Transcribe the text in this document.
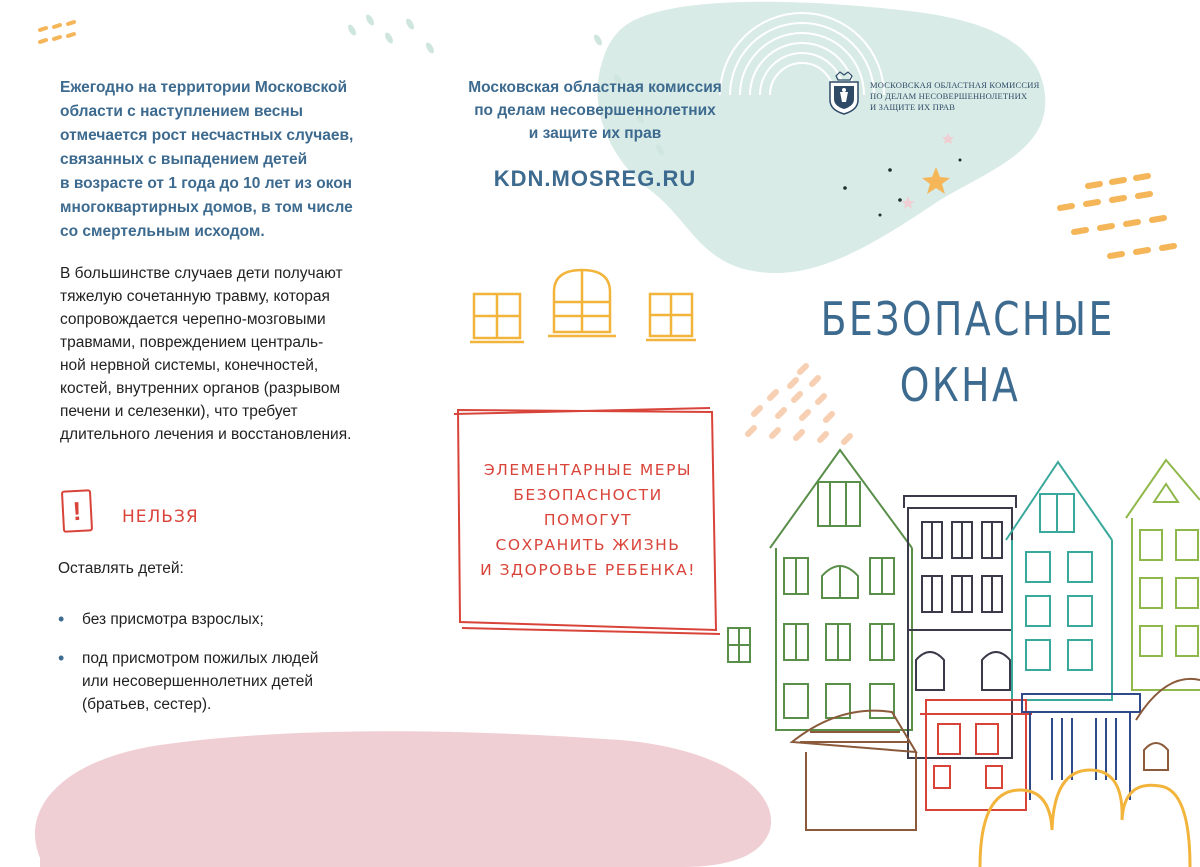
Ежегодно на территории Московской
области с наступлением весны
отмечается рост несчастных случаев,
связанных с выпадением детей
в возрасте от 1 года до 10 лет из окон
многоквартирных домов, в том числе
со смертельным исходом.

В большинстве случаев дети получают
тяжелую сочетанную травму, которая
сопровождается черепно-мозговыми
травмами, повреждением централь-
ной нервной системы, конечностей,
костей, внутренних органов (разрывом
печени и селезенки), что требует
длительного лечения и восстановления.

!	НЕЛЬЗЯ
Оставлять детей:
• без присмотра взрослых;
• под присмотром пожилых людей
или несовершеннолетних детей
(братьев, сестер).
Московская областная комиссия
по делам несовершеннолетних
и защите их прав
KDN.MOSREG.RU
ЭЛЕМЕНТАРНЫЕ МЕРЫ
БЕЗОПАСНОСТИ ПОМОГУТ
СОХРАНИТЬ ЖИЗНЬ
И ЗДОРОВЬЕ РЕБЕНКА!
МОСКОВСКАЯ ОБЛАСТНАЯ КОМИССИЯ
ПО ДЕЛАМ НЕСОВЕРШЕННОЛЕТНИХ
И ЗАЩИТЕ ИХ ПРАВ
БЕЗОПАСНЫЕ
ОКНА
